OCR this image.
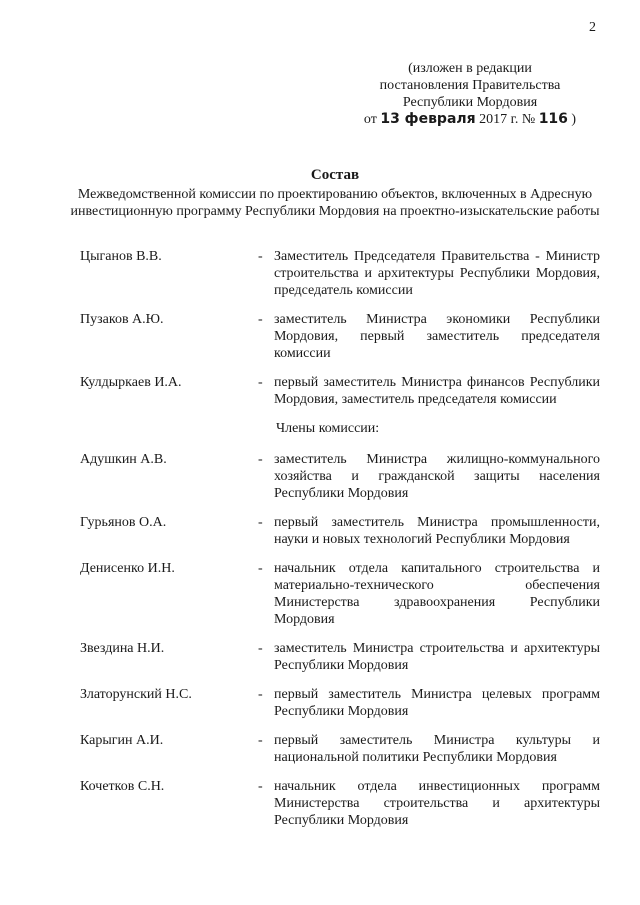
2
(изложен в редакции
постановления Правительства
Республики Мордовия
от 13 февраля 2017 г. № 116 )
Состав
Межведомственной комиссии по проектированию объектов, включенных в Адресную инвестиционную программу Республики Мордовия на проектно-изыскательские работы
Цыганов В.В.	- Заместитель Председателя Правительства - Министр строительства и архитектуры Республики Мордовия, председатель комиссии
Пузаков А.Ю.	- заместитель Министра экономики Республики Мордовия, первый заместитель председателя комиссии
Кулдыркаев И.А.	- первый заместитель Министра финансов Республики Мордовия, заместитель председателя комиссии
Члены комиссии:
Адушкин А.В.	- заместитель Министра жилищно-коммунального хозяйства и гражданской защиты населения Республики Мордовия
Гурьянов О.А.	- первый заместитель Министра промышленности, науки и новых технологий Республики Мордовия
Денисенко И.Н.	- начальник отдела капитального строительства и материально-технического обеспечения Министерства здравоохранения Республики Мордовия
Звездина Н.И.	- заместитель Министра строительства и архитектуры Республики Мордовия
Златорунский Н.С.	- первый заместитель Министра целевых программ Республики Мордовия
Карыгин А.И.	- первый заместитель Министра культуры и национальной политики Республики Мордовия
Кочетков С.Н.	- начальник отдела инвестиционных программ Министерства строительства и архитектуры Республики Мордовия
